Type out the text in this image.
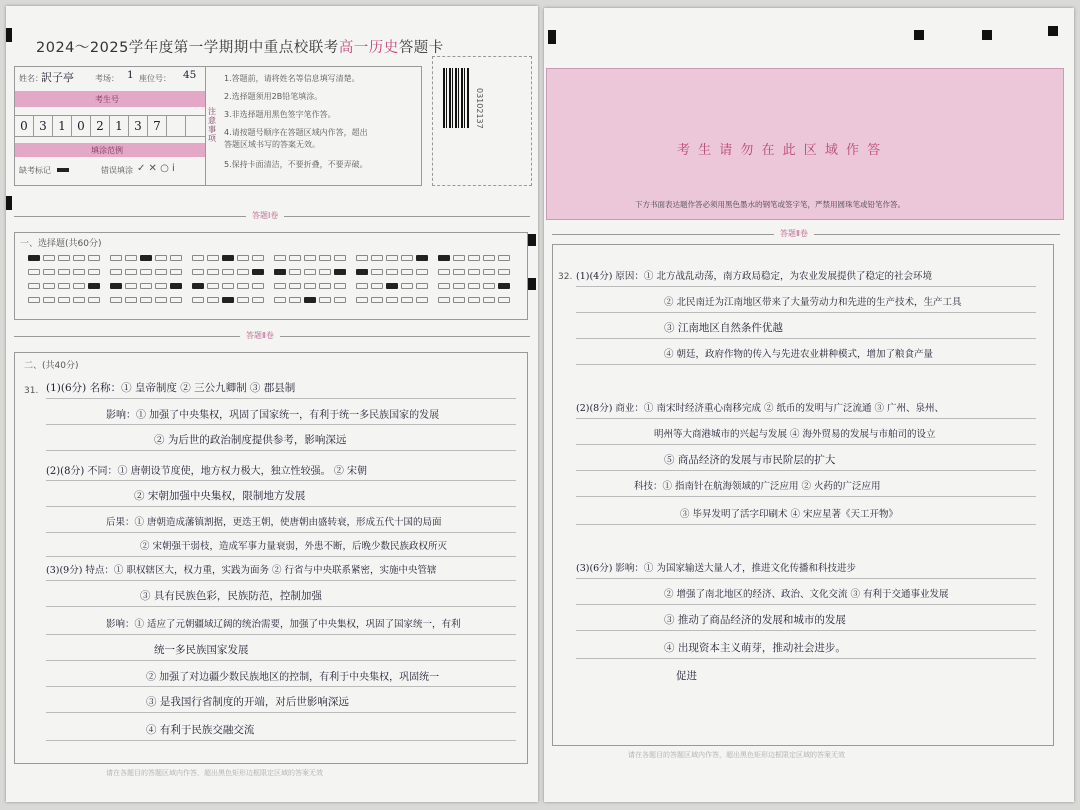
2024～2025学年度第一学期期中重点校联考高一历史答题卡
姓名：
訳子亭	考场： 1 座位号： 45
考生号
0 3 1 0 2 1 3 7
填涂范例
缺考标记	错误填涂 ✓ ✕ ○ ⅰ
注意事项
1.答题前，请将姓名等信息填写清楚。
2.选择题须用2B铅笔填涂。
3.非选择题用黑色签字笔作答。
4.请按题号顺序在答题区域内作答，超出
答题区域书写的答案无效。
5.保持卡面清洁，不要折叠，不要弄破。
03102137
答题Ⅰ卷
一、选择题(共60分)
答题Ⅱ卷
二、(共40分)
31. (1)(6分) 名称：① 皇帝制度 ② 三公九卿制 ③ 郡县制
影响：① 加强了中央集权，巩固了国家统一，有利于统一多民族国家的发展
② 为后世的政治制度提供参考，影响深远
(2)(8分) 不同：① 唐朝设节度使，地方权力极大，独立性较强。 ② 宋朝
② 宋朝加强中央集权，限制地方发展
后果：① 唐朝造成藩镇割据，更迭王朝，使唐朝由盛转衰，形成五代十国的局面
② 宋朝强干弱枝，造成军事力量衰弱，外患不断，后晚少数民族政权所灭
(3)(9分) 特点：① 职权辖区大，权力重，实践为面务 ② 行省与中央联系紧密，实施中央管辖
③ 具有民族色彩，民族防范，控制加强
影响：① 适应了元朝疆域辽阔的统治需要，加强了中央集权，巩固了国家统一，有利
统一多民族国家发展
② 加强了对边疆少数民族地区的控制，有利于中央集权，巩固统一
③ 是我国行省制度的开端，对后世影响深远
④ 有利于民族交融交流
请在各题目的答题区域内作答，超出黑色矩形边框限定区域的答案无效
考 生 请 勿 在 此 区 域 作 答
下方书面表达题作答必须用黑色墨水的钢笔或签字笔，严禁用圆珠笔或铅笔作答。
答题Ⅱ卷
32. (1)(4分) 原因：① 北方战乱动荡，南方政局稳定，为农业发展提供了稳定的社会环境
② 北民南迁为江南地区带来了大量劳动力和先进的生产技术，生产工具
③ 江南地区自然条件优越
④ 朝廷，政府作物的传入与先进农业耕种模式，增加了粮食产量
(2)(8分) 商业：① 南宋时经济重心南移完成 ② 纸币的发明与广泛流通 ③ 广州、泉州、
明州等大商港城市的兴起与发展 ④ 海外贸易的发展与市舶司的设立
⑤ 商品经济的发展与市民阶层的扩大
科技：① 指南针在航海领域的广泛应用 ② 火药的广泛应用
③ 毕昇发明了活字印刷术 ④ 宋应星著《天工开物》
(3)(6分) 影响：① 为国家输送大量人才，推进文化传播和科技进步
② 增强了南北地区的经济、政治、文化交流 ③ 有利于交通事业发展
③ 推动了商品经济的发展和城市的发展
④ 出现资本主义萌芽，推动社会进步。
促进
请在各题目的答题区域内作答，超出黑色矩形边框限定区域的答案无效
